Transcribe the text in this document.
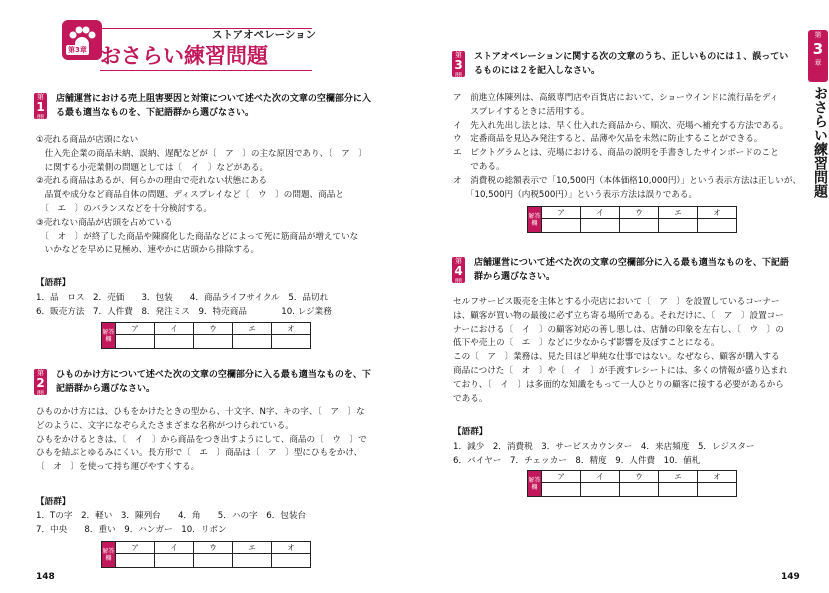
第3章
ストアオペレーション
おさらい練習問題
第
3
章
おさらい練習問題
第
1
問
店舗運営における売上阻害要因と対策について述べた次の文章の空欄部分に入
る最も適当なものを、下記語群から選びなさい。
①売れる商品が店頭にない
　仕入先企業の商品未納、誤納、遅配などが〔　ア　〕の主な原因であり、〔　ア　〕
　に関する小売業側の問題としては〔　イ　〕などがある。
②売れる商品はあるが、何らかの理由で売れない状態にある
　品質や成分など商品自体の問題、ディスプレイなど〔　ウ　〕の問題、商品と
　〔　エ　〕のバランスなどを十分検討する。
③売れない商品が店頭を占めている
　〔　オ　〕が終了した商品や陳腐化した商品などによって死に筋商品が増えていな
　いかなどを早めに見極め、速やかに店頭から排除する。
【語群】
1．品　ロス　2．売価　　3．包装　　4．商品ライフサイクル　5．品切れ
6．販売方法　7．人件費　8．発注ミス　9．特売商品　　　　10. レジ業務
解答欄	ア	イ	ウ	エ	オ

第
2
問
ひものかけ方について述べた次の文章の空欄部分に入る最も適当なものを、下
記語群から選びなさい。
ひものかけ方には、ひもをかけたときの型から、十文字、N字、キの字、〔　ア　〕な
どのように、文字になぞらえたさまざまな名称がつけられている。
ひもをかけるときは、〔　イ　〕から商品をつき出すようにして、商品の〔　ウ　〕で
ひもを結ぶとゆるみにくい。長方形で〔　エ　〕商品は〔　ア　〕型にひもをかけ、
〔　オ　〕を使って持ち運びやすくする。
【語群】
1．Tの字　2．軽い　3．陳列台　　4．角　　5．ハの字　6．包装台
7．中央　　8．重い　9．ハンガー　10．リボン
解答欄	ア	イ	ウ	エ	オ

148
第
3
問
ストアオペレーションに関する次の文章のうち、正しいものには１、誤ってい
るものには２を記入しなさい。
ア　前進立体陳列は、高級専門店や百貨店において、ショーウインドに流行品をディ
　　スプレイするときに活用する。
イ　先入れ先出し法とは、早く仕入れた商品から、順次、売場へ補充する方法である。
ウ　定番商品を見込み発注すると、品薄や欠品を未然に防止することができる。
エ　ピクトグラムとは、売場における、商品の説明を手書きしたサインボードのこと
　　である。
オ　消費税の総額表示で「10,500円（本体価格10,000円）」という表示方法は正しいが、
　　「10,500円（内税500円）」という表示方法は誤りである。
解答欄	ア	イ	ウ	エ	オ

第
4
問
店舗運営について述べた次の文章の空欄部分に入る最も適当なものを、下記語
群から選びなさい。
セルフサービス販売を主体とする小売店において〔　ア　〕を設置しているコーナー
は、顧客が買い物の最後に必ず立ち寄る場所である。それだけに、〔　ア　〕設置コー
ナーにおける〔　イ　〕の顧客対応の善し悪しは、店舗の印象を左右し、〔　ウ　〕の
低下や売上の〔　エ　〕などに少なからず影響を及ぼすことになる。
この〔　ア　〕業務は、見た目ほど単純な仕事ではない。なぜなら、顧客が購入する
商品につけた〔　オ　〕や〔　イ　〕が手渡すレシートには、多くの情報が盛り込まれ
ており、〔　イ　〕は多面的な知識をもって一人ひとりの顧客に接する必要があるから
である。
【語群】
1．減少　2．消費税　3．サービスカウンター　4．来店頻度　5．レジスター
6．バイヤー　7．チェッカー　8．精度　9．人件費　10．値札
解答欄	ア	イ	ウ	エ	オ

149
